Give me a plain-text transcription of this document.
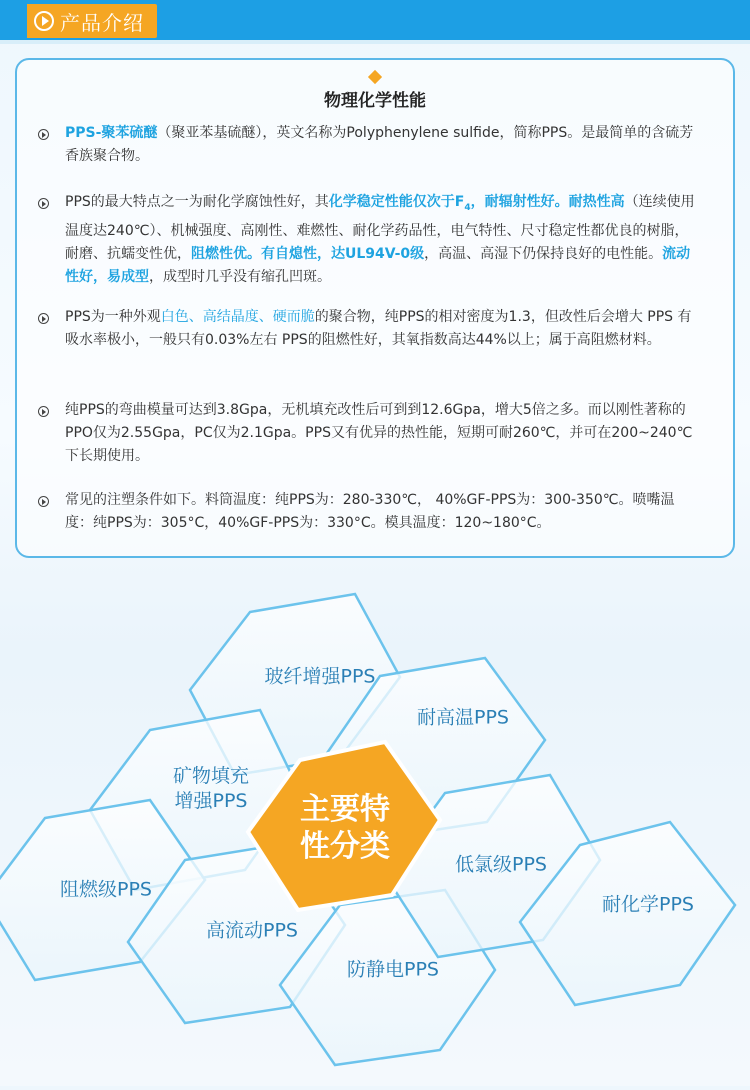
产品介绍
物理化学性能
PPS-聚苯硫醚（聚亚苯基硫醚），英文名称为Polyphenylene sulfide，简称PPS。是最简单的含硫芳香族聚合物。
PPS的最大特点之一为耐化学腐蚀性好，其化学稳定性能仅次于$F_4$，耐辐射性好。耐热性高（连续使用温度达240℃）、机械强度、高刚性、难燃性、耐化学药品性，电气特性、尺寸稳定性都优良的树脂，耐磨、抗蠕变性优，阻燃性优。有自熄性，达UL94V-0级，高温、高湿下仍保持良好的电性能。流动性好，易成型，成型时几乎没有缩孔凹斑。
PPS为一种外观白色、高结晶度、硬而脆的聚合物，纯PPS的相对密度为1.3，但改性后会增大 PPS 有吸水率极小，一般只有0.03%左右 PPS的阻燃性好，其氧指数高达44%以上；属于高阻燃材料。
纯PPS的弯曲模量可达到3.8Gpa，无机填充改性后可到到12.6Gpa，增大5倍之多。而以刚性著称的PPO仅为2.55Gpa，PC仅为2.1Gpa。PPS又有优异的热性能，短期可耐260℃，并可在200~240℃下长期使用。
常见的注塑条件如下。料筒温度：纯PPS为：280-330℃， 40%GF-PPS为：300-350℃。喷嘴温度：纯PPS为：305°C，40%GF-PPS为：330°C。模具温度：120~180°C。
玻纤增强PPS
耐高温PPS
矿物填充
增强PPS
阻燃级PPS
高流动PPS
防静电PPS
低氯级PPS
耐化学PPS
主要特
性分类
